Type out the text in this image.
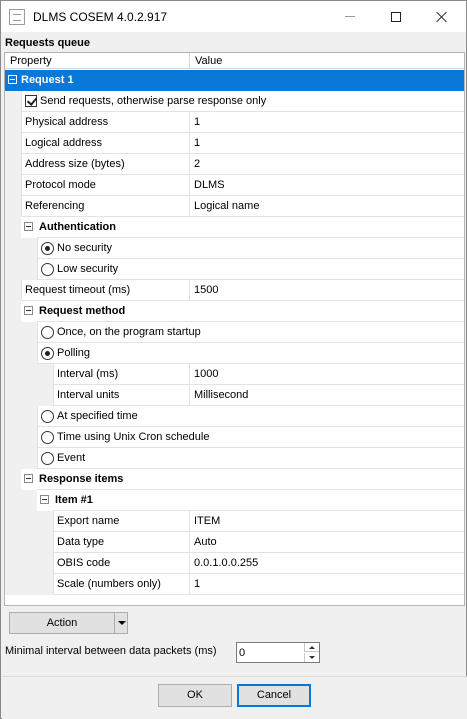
DLMS COSEM 4.0.2.917
Requests queue
Property	Value
Request 1
Send requests, otherwise parse response only
Physical address	1
Logical address	1
Address size (bytes)	2
Protocol mode	DLMS
Referencing	Logical name
Authentication
No security
Low security
Request timeout (ms)	1500
Request method
Once, on the program startup
Polling
Interval (ms)	1000
Interval units	Millisecond
At specified time
Time using Unix Cron schedule
Event
Response items
Item #1
Export name	ITEM
Data type	Auto
OBIS code	0.0.1.0.0.255
Scale (numbers only)	1
Action
Minimal interval between data packets (ms)
0
OK	Cancel
